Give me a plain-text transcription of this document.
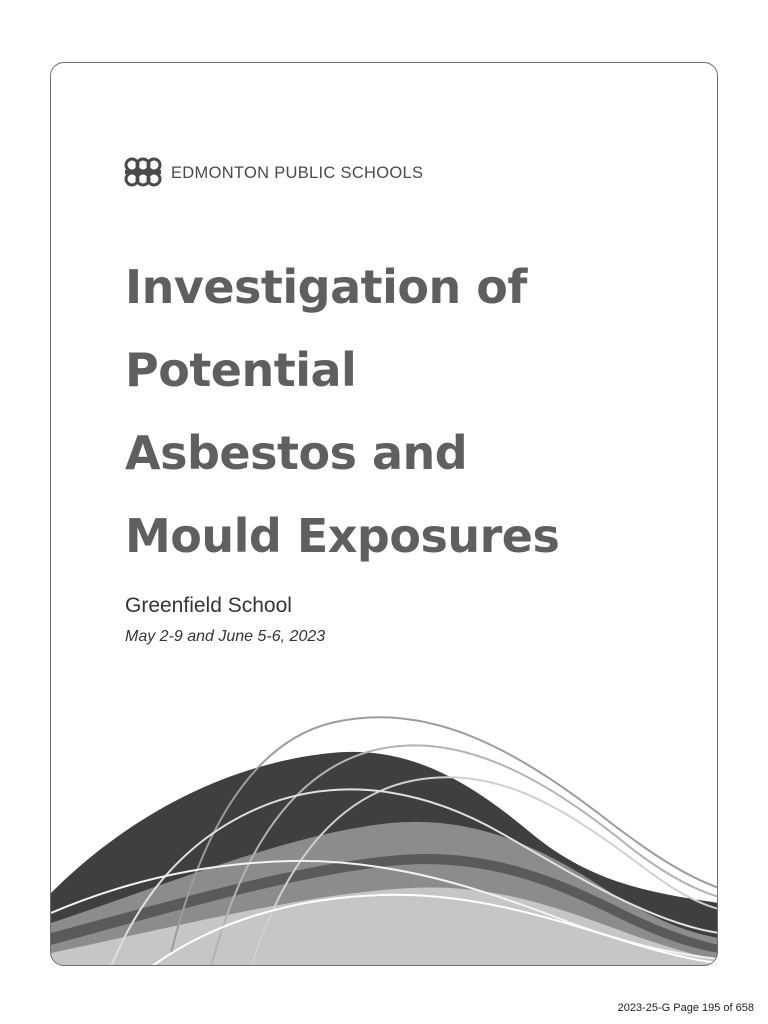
EDMONTON PUBLIC SCHOOLS
Investigation of
Potential
Asbestos and
Mould Exposures
Greenfield School
May 2-9 and June 5-6, 2023
2023-25-G Page 195 of 658
